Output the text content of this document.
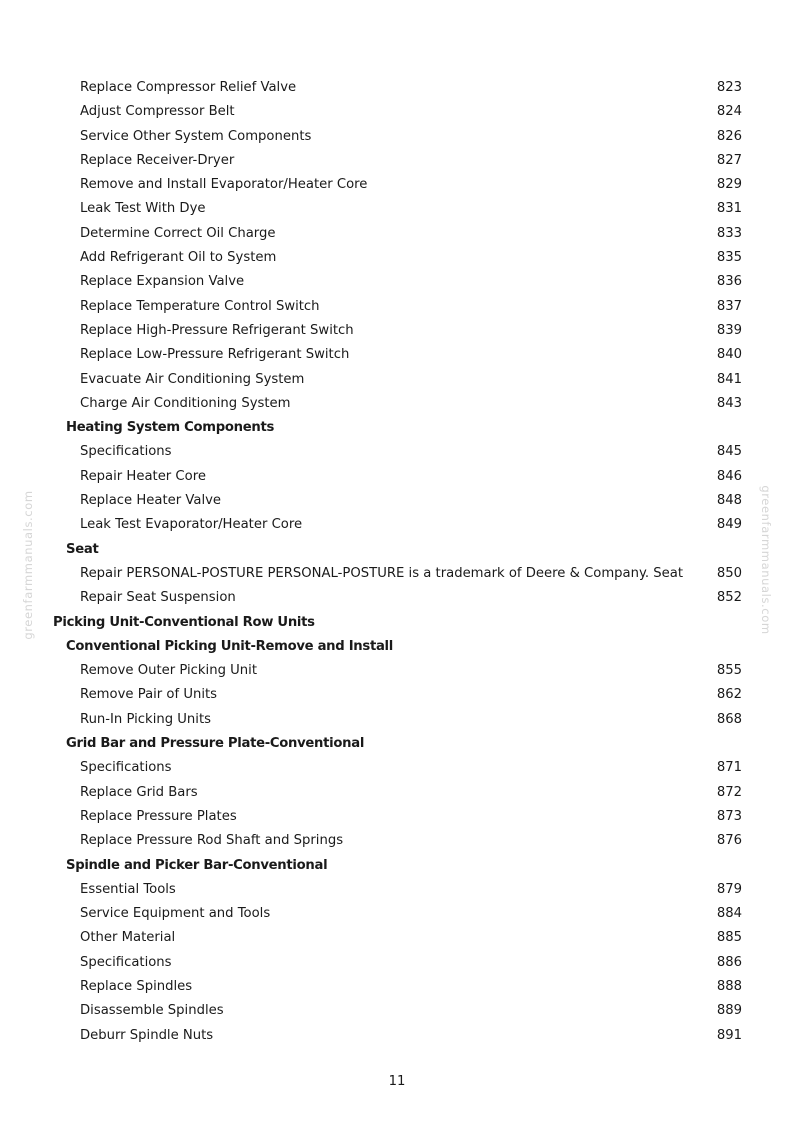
greenfarmmanuals.com	greenfarmmanuals.com
Replace Compressor Relief Valve	823
Adjust Compressor Belt	824
Service Other System Components	826
Replace Receiver-Dryer	827
Remove and Install Evaporator/Heater Core	829
Leak Test With Dye	831
Determine Correct Oil Charge	833
Add Refrigerant Oil to System	835
Replace Expansion Valve	836
Replace Temperature Control Switch	837
Replace High-Pressure Refrigerant Switch	839
Replace Low-Pressure Refrigerant Switch	840
Evacuate Air Conditioning System	841
Charge Air Conditioning System	843
Heating System Components
Specifications	845
Repair Heater Core	846
Replace Heater Valve	848
Leak Test Evaporator/Heater Core	849
Seat
Repair PERSONAL-POSTURE PERSONAL-POSTURE is a trademark of Deere & Company. Seat	850
Repair Seat Suspension	852
Picking Unit-Conventional Row Units
Conventional Picking Unit-Remove and Install
Remove Outer Picking Unit	855
Remove Pair of Units	862
Run-In Picking Units	868
Grid Bar and Pressure Plate-Conventional
Specifications	871
Replace Grid Bars	872
Replace Pressure Plates	873
Replace Pressure Rod Shaft and Springs	876
Spindle and Picker Bar-Conventional
Essential Tools	879
Service Equipment and Tools	884
Other Material	885
Specifications	886
Replace Spindles	888
Disassemble Spindles	889
Deburr Spindle Nuts	891
11
